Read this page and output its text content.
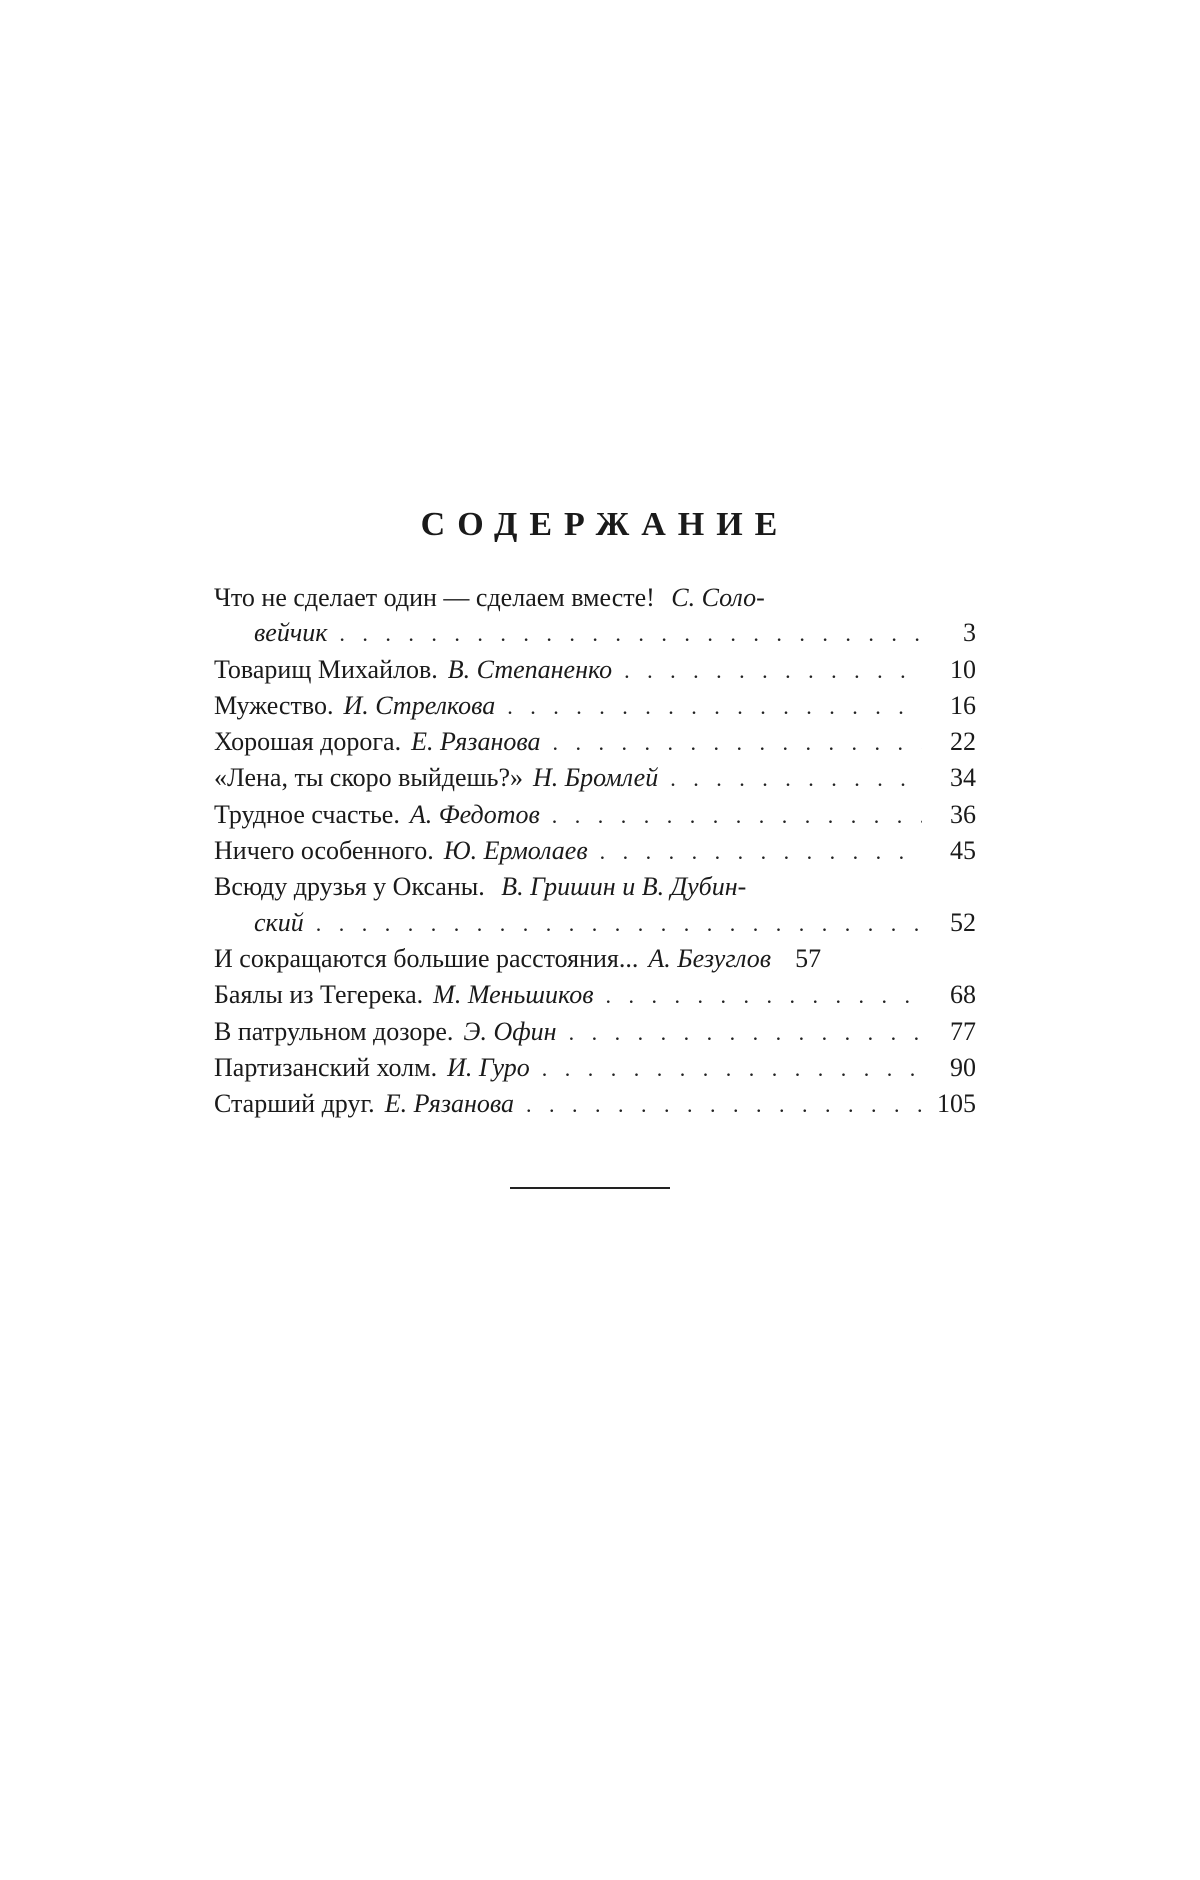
СОДЕРЖАНИЕ
Что не сделает один — сделаем вместе! С. Соло-
вейчик . . .	3
Товарищ Михайлов. В. Степаненко . . .	10
Мужество. И. Стрелкова . . .	16
Хорошая дорога. Е. Рязанова . . .	22
«Лена, ты скоро выйдешь?» Н. Бромлей . . .	34
Трудное счастье. А. Федотов . . .	36
Ничего особенного. Ю. Ермолаев . . .	45
Всюду друзья у Оксаны. В. Гришин и В. Дубин-
ский . . .	52
И сокращаются большие расстояния... А. Безуглов 57
Баялы из Тегерека. М. Меньшиков . . .	68
В патрульном дозоре. Э. Офин . . .	77
Партизанский холм. И. Гуро . . .	90
Старший друг. Е. Рязанова . . .	105
